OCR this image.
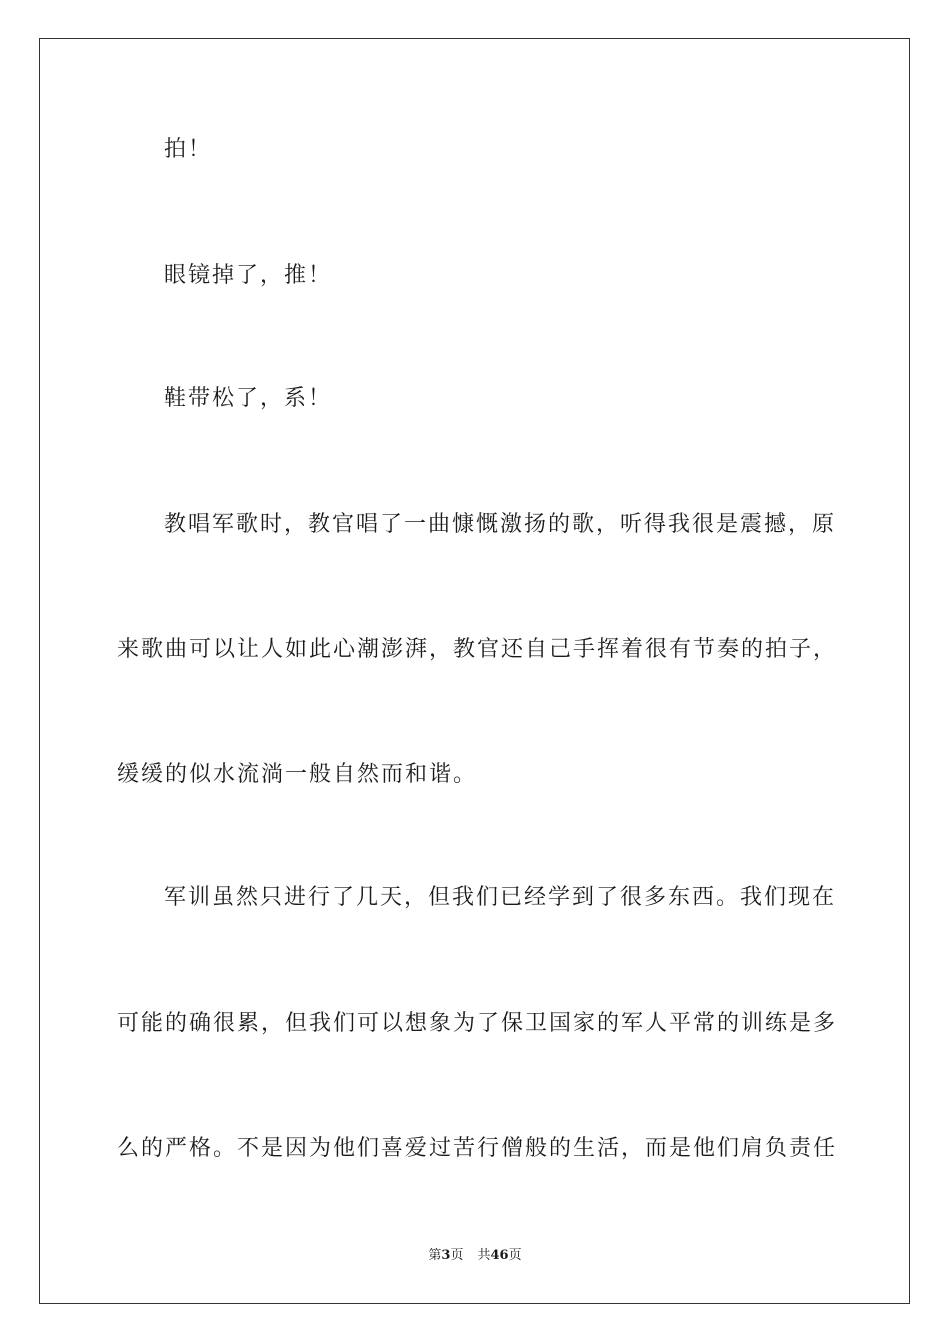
拍！
眼镜掉了，推！
鞋带松了，系！
教唱军歌时，教官唱了一曲慷慨激扬的歌，听得我很是震撼，原
来歌曲可以让人如此心潮澎湃，教官还自己手挥着很有节奏的拍子，
缓缓的似水流淌一般自然而和谐。
军训虽然只进行了几天，但我们已经学到了很多东西。我们现在
可能的确很累，但我们可以想象为了保卫国家的军人平常的训练是多
么的严格。不是因为他们喜爱过苦行僧般的生活，而是他们肩负责任
第3页 共46页
